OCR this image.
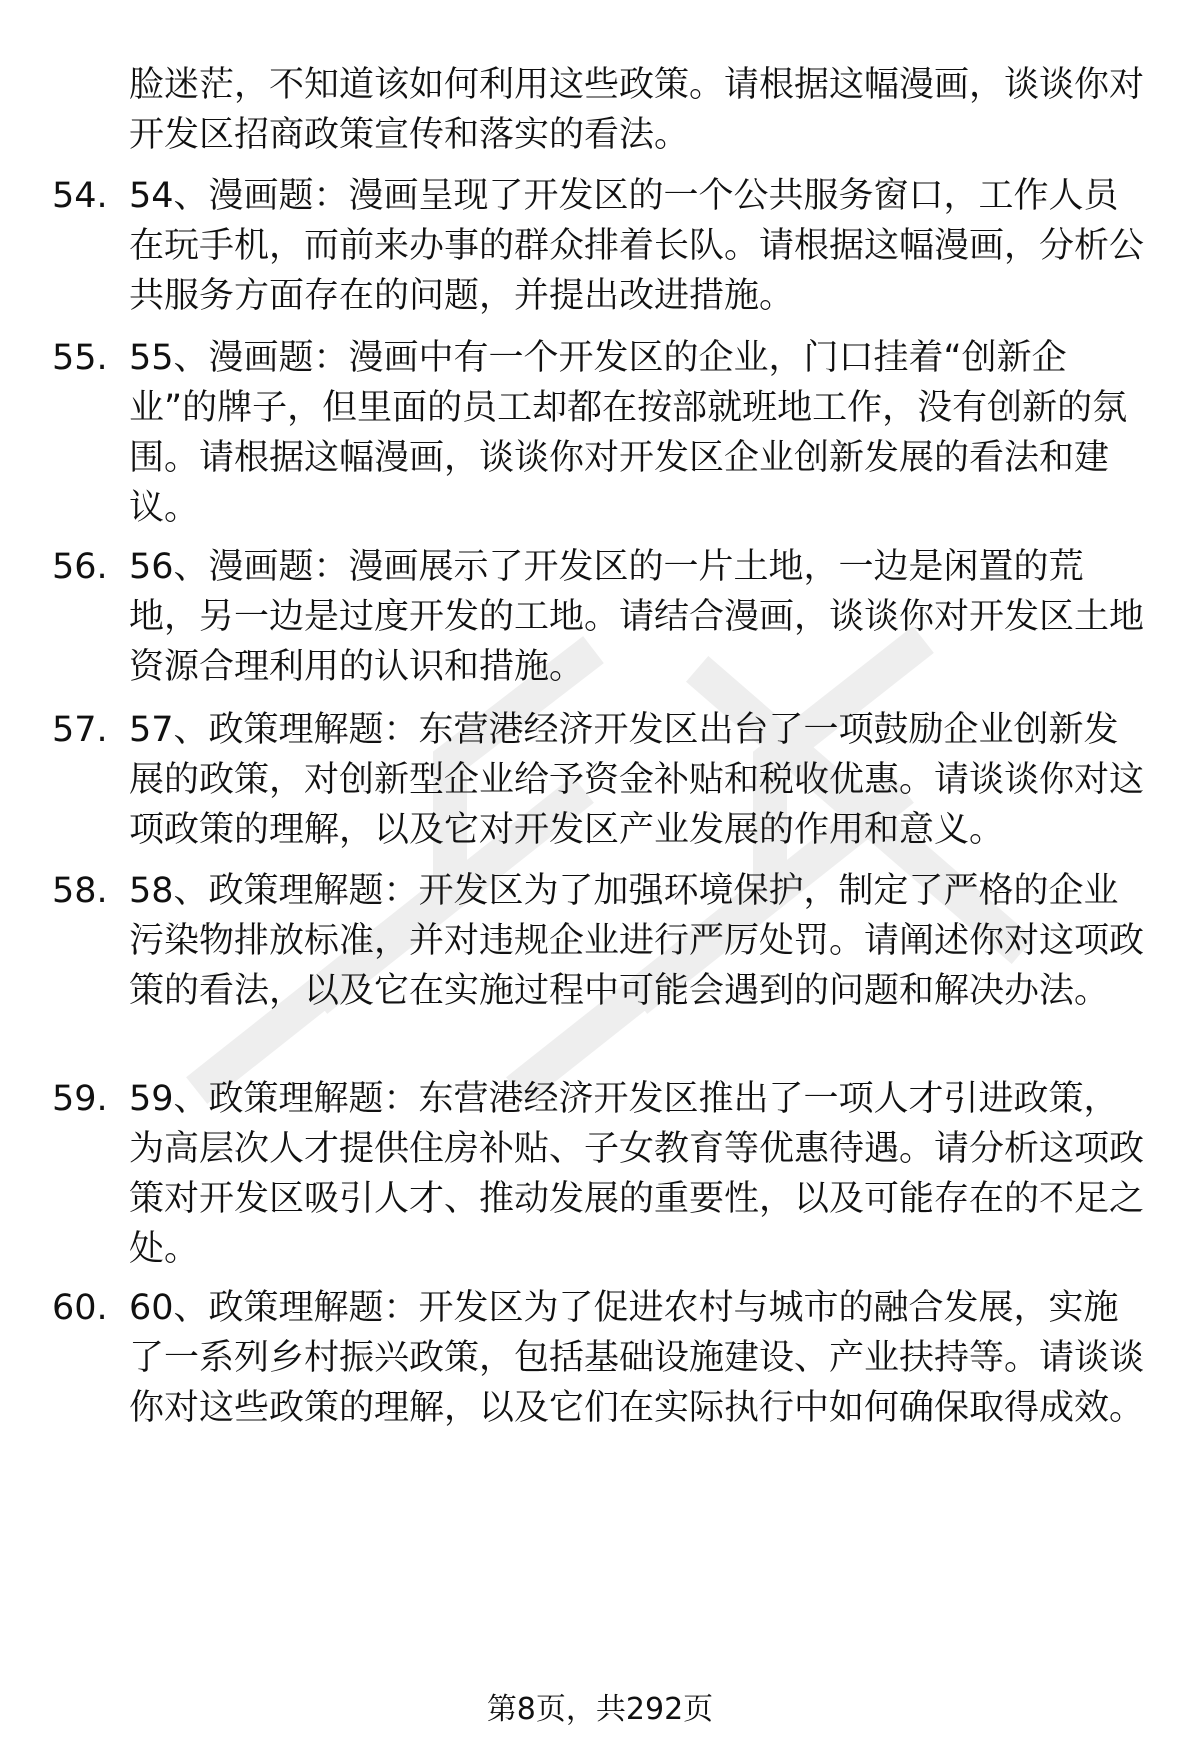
脸迷茫，不知道该如何利用这些政策。请根据这幅漫画，谈谈你对开发区招商政策宣传和落实的看法。

54. 54、漫画题：漫画呈现了开发区的一个公共服务窗口，工作人员在玩手机，而前来办事的群众排着长队。请根据这幅漫画，分析公共服务方面存在的问题，并提出改进措施。

55. 55、漫画题：漫画中有一个开发区的企业，门口挂着“创新企业”的牌子，但里面的员工却都在按部就班地工作，没有创新的氛围。请根据这幅漫画，谈谈你对开发区企业创新发展的看法和建议。

56. 56、漫画题：漫画展示了开发区的一片土地，一边是闲置的荒地，另一边是过度开发的工地。请结合漫画，谈谈你对开发区土地资源合理利用的认识和措施。

57. 57、政策理解题：东营港经济开发区出台了一项鼓励企业创新发展的政策，对创新型企业给予资金补贴和税收优惠。请谈谈你对这项政策的理解，以及它对开发区产业发展的作用和意义。

58. 58、政策理解题：开发区为了加强环境保护，制定了严格的企业污染物排放标准，并对违规企业进行严厉处罚。请阐述你对这项政策的看法，以及它在实施过程中可能会遇到的问题和解决办法。

59. 59、政策理解题：东营港经济开发区推出了一项人才引进政策，为高层次人才提供住房补贴、子女教育等优惠待遇。请分析这项政策对开发区吸引人才、推动发展的重要性，以及可能存在的不足之处。

60. 60、政策理解题：开发区为了促进农村与城市的融合发展，实施了一系列乡村振兴政策，包括基础设施建设、产业扶持等。请谈谈你对这些政策的理解，以及它们在实际执行中如何确保取得成效。

第8页，共292页
